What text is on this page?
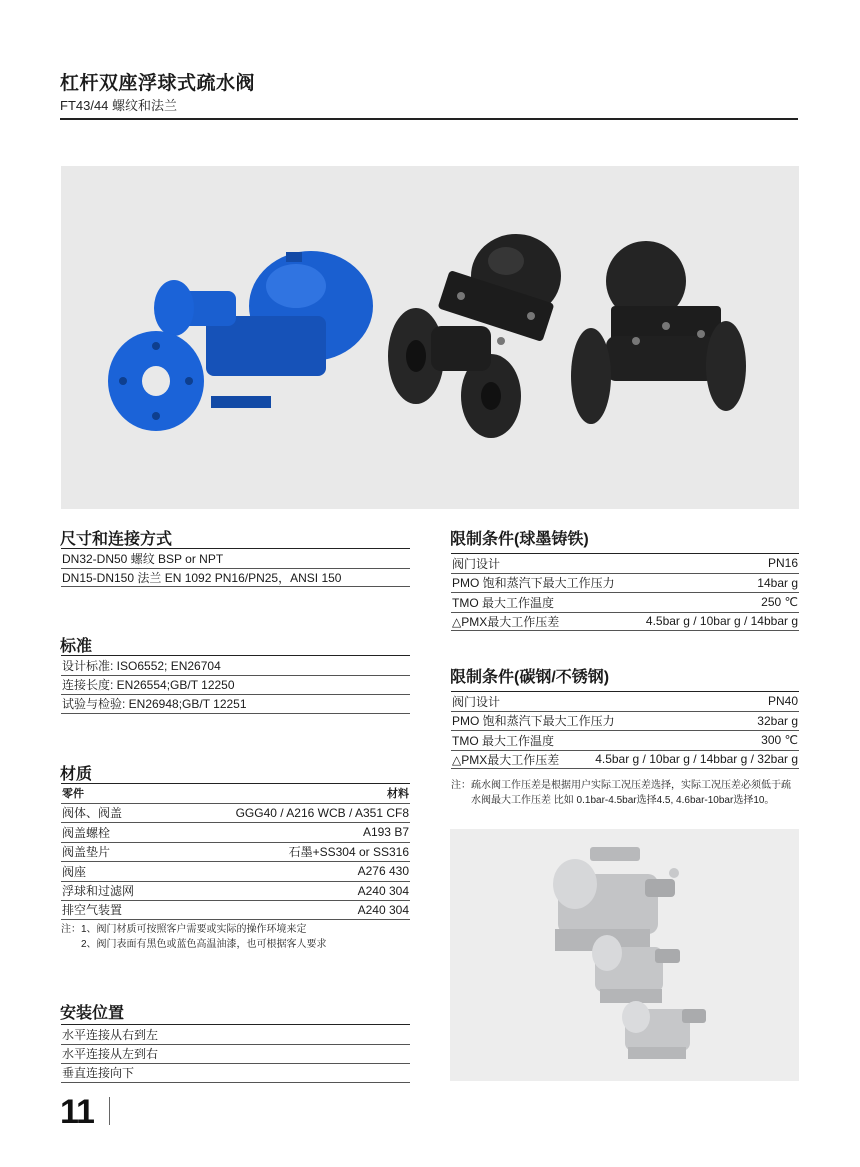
杠杆双座浮球式疏水阀
FT43/44 螺纹和法兰
尺寸和连接方式
DN32-DN50 螺纹 BSP or NPT
DN15-DN150 法兰 EN 1092 PN16/PN25，ANSI 150
标准
设计标准: ISO6552; EN26704
连接长度: EN26554;GB/T 12250
试验与检验: EN26948;GB/T 12251
材质
零件	材料
阀体、阀盖	GGG40 / A216 WCB / A351 CF8
阀盖螺栓	A193 B7
阀盖垫片	石墨+SS304 or SS316
阀座	A276 430
浮球和过滤网	A240 304
排空气装置	A240 304
注：1、阀门材质可按照客户需要或实际的操作环境来定
2、阀门表面有黑色或蓝色高温油漆，也可根据客人要求
安装位置
水平连接从右到左
水平连接从左到右
垂直连接向下
限制条件(球墨铸铁)
阀门设计	PN16
PMO 饱和蒸汽下最大工作压力	14bar g
TMO 最大工作温度	250 ℃
△PMX最大工作压差	4.5bar g / 10bar g / 14bbar g
限制条件(碳钢/不锈钢)
阀门设计	PN40
PMO 饱和蒸汽下最大工作压力	32bar g
TMO 最大工作温度	300 ℃
△PMX最大工作压差	4.5bar g / 10bar g / 14bbar g / 32bar g
注：疏水阀工作压差是根据用户实际工况压差选择，实际工况压差必须低于疏
水阀最大工作压差 比如 0.1bar-4.5bar选择4.5, 4.6bar-10bar选择10。
11
